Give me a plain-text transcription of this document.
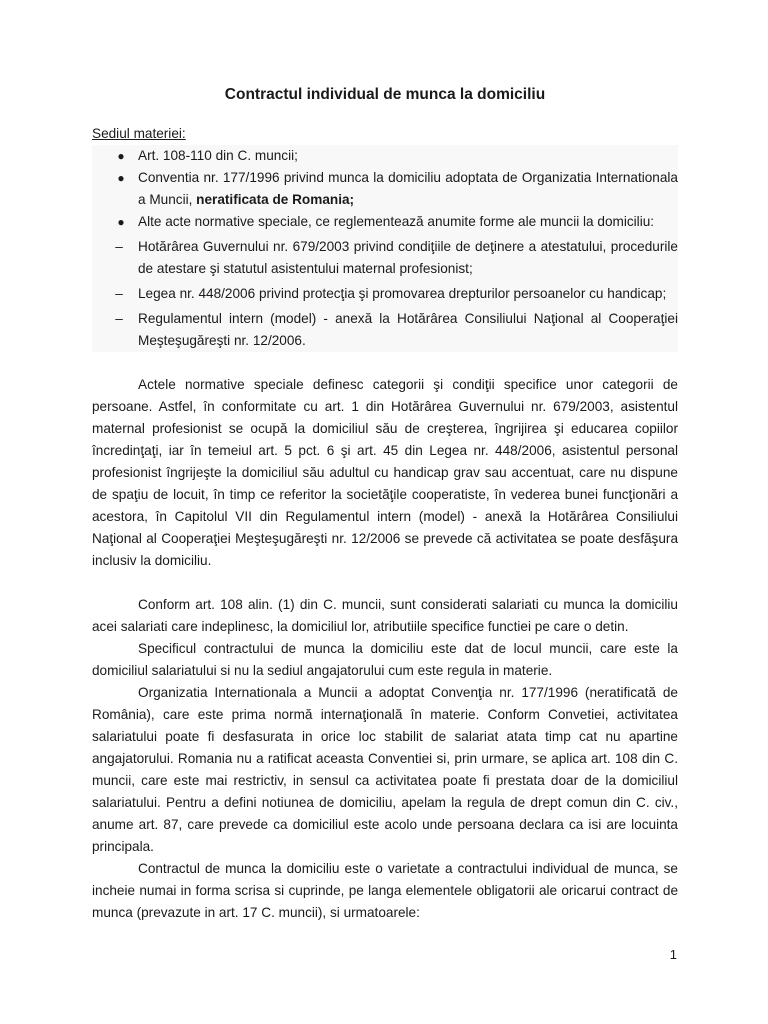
Contractul individual de munca la domiciliu
Sediul materiei:
● Art. 108-110 din C. muncii;
● Conventia nr. 177/1996 privind munca la domiciliu adoptata de Organizatia Internationala a Muncii, neratificata de Romania;
● Alte acte normative speciale, ce reglementează anumite forme ale muncii la domiciliu:
– Hotărârea Guvernului nr. 679/2003 privind condiţiile de deţinere a atestatului, procedurile de atestare şi statutul asistentului maternal profesionist;
– Legea nr. 448/2006 privind protecţia şi promovarea drepturilor persoanelor cu handicap;
– Regulamentul intern (model) - anexă la Hotărârea Consiliului Naţional al Cooperaţiei Meşteşugăreşti nr. 12/2006.

Actele normative speciale definesc categorii şi condiţii specifice unor categorii de persoane. Astfel, în conformitate cu art. 1 din Hotărârea Guvernului nr. 679/2003, asistentul maternal profesionist se ocupă la domiciliul său de creşterea, îngrijirea şi educarea copiilor încredinţaţi, iar în temeiul art. 5 pct. 6 şi art. 45 din Legea nr. 448/2006, asistentul personal profesionist îngrijeşte la domiciliul său adultul cu handicap grav sau accentuat, care nu dispune de spaţiu de locuit, în timp ce referitor la societăţile cooperatiste, în vederea bunei funcţionări a acestora, în Capitolul VII din Regulamentul intern (model) - anexă la Hotărârea Consiliului Naţional al Cooperaţiei Meşteşugăreşti nr. 12/2006 se prevede că activitatea se poate desfăşura inclusiv la domiciliu.

Conform art. 108 alin. (1) din C. muncii, sunt considerati salariati cu munca la domiciliu acei salariati care indeplinesc, la domiciliul lor, atributiile specifice functiei pe care o detin.

Specificul contractului de munca la domiciliu este dat de locul muncii, care este la domiciliul salariatului si nu la sediul angajatorului cum este regula in materie.

Organizatia Internationala a Muncii a adoptat Convenţia nr. 177/1996 (neratificată de România), care este prima normă internaţională în materie. Conform Convetiei, activitatea salariatului poate fi desfasurata in orice loc stabilit de salariat atata timp cat nu apartine angajatorului. Romania nu a ratificat aceasta Conventiei si, prin urmare, se aplica art. 108 din C. muncii, care este mai restrictiv, in sensul ca activitatea poate fi prestata doar de la domiciliul salariatului. Pentru a defini notiunea de domiciliu, apelam la regula de drept comun din C. civ., anume art. 87, care prevede ca domiciliul este acolo unde persoana declara ca isi are locuinta principala.

Contractul de munca la domiciliu este o varietate a contractului individual de munca, se incheie numai in forma scrisa si cuprinde, pe langa elementele obligatorii ale oricarui contract de munca (prevazute in art. 17 C. muncii), si urmatoarele:

1
